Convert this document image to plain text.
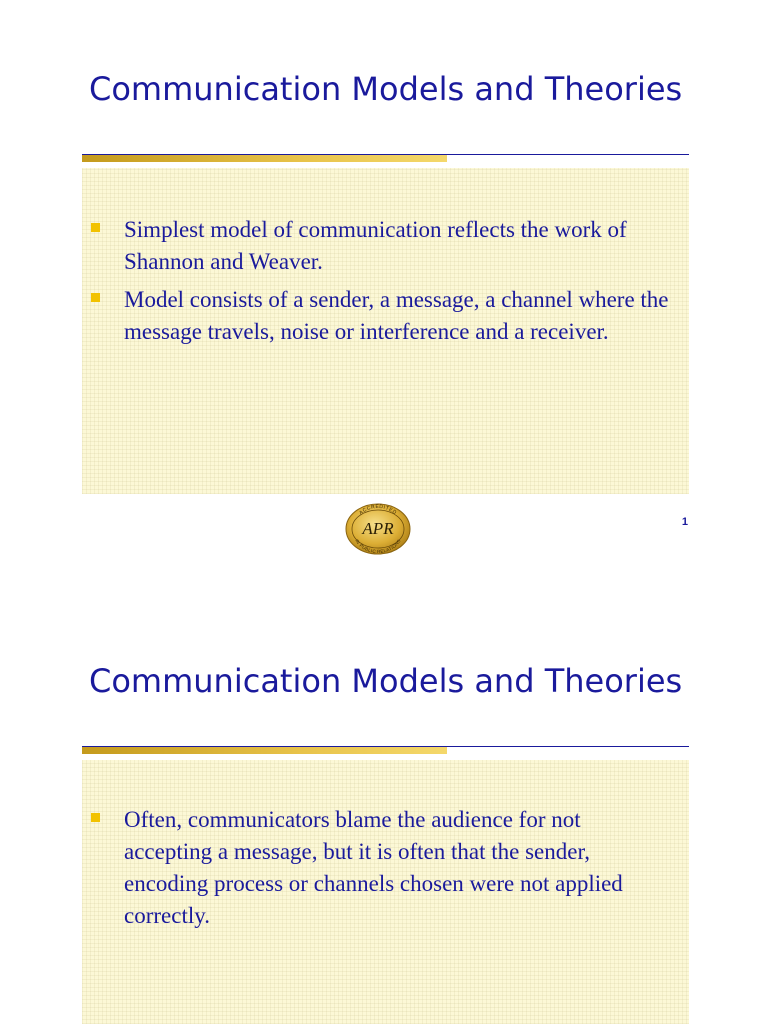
Communication Models and Theories
Simplest model of communication reflects the work of Shannon and Weaver.
Model consists of a sender, a message, a channel where the message travels, noise or interference and a receiver.
ACCREDITED
APR
IN PUBLIC RELATIONS
1
Communication Models and Theories
Often, communicators blame the audience for not accepting a message, but it is often that the sender, encoding process or channels chosen were not applied correctly.
